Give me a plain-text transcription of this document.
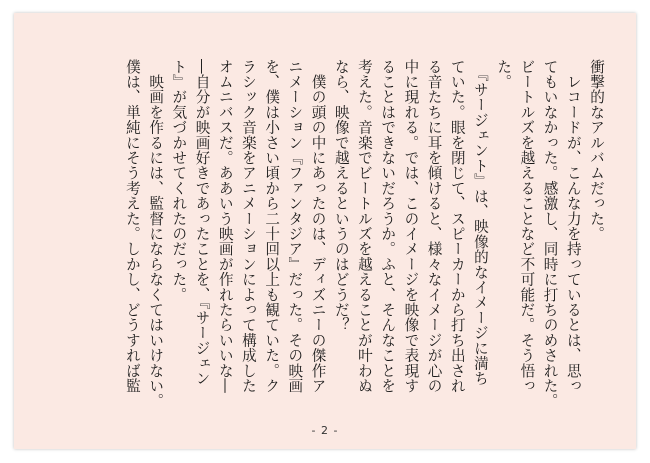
衝撃的なアルバムだった。
　レコードが、こんな力を持っているとは、思っ
てもいなかった。感激し、同時に打ちのめされた。
ビートルズを越えることなど不可能だ。そう悟っ
た。

　『サージェント』は、映像的なイメージに満ち
ていた。眼を閉じて、スピーカーから打ち出され
る音たちに耳を傾けると、様々なイメージが心の
中に現れる。では、このイメージを映像で表現す
ることはできないだろうか。ふと、そんなことを
考えた。音楽でビートルズを越えることが叶わぬ
なら、映像で越えるというのはどうだ？

　僕の頭の中にあったのは、ディズニーの傑作ア
ニメーション『ファンタジア』だった。その映画
を、僕は小さい頃から二十回以上も観ていた。ク
ラシック音楽をアニメーションによって構成した
オムニバスだ。ああいう映画が作れたらいいな―
―自分が映画好きであったことを、『サージェン
ト』が気づかせてくれたのだった。

　映画を作るには、監督にならなくてはいけない。
僕は、単純にそう考えた。しかし、どうすれば監

- 2 -
